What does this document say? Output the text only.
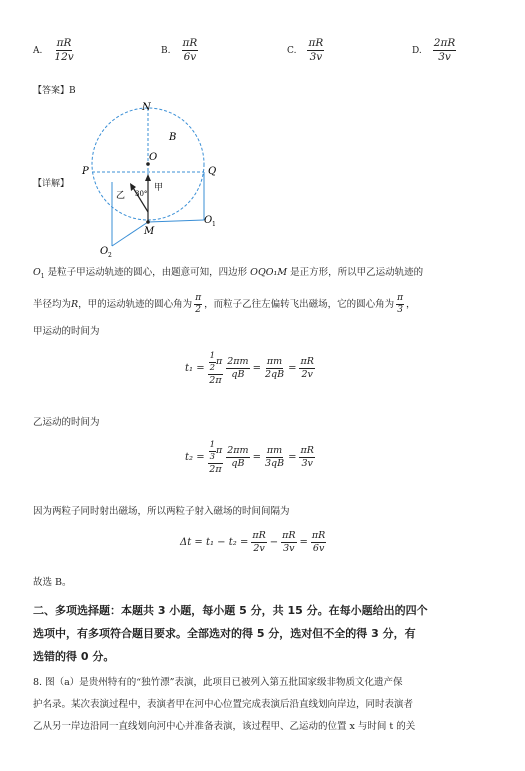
A. $\frac{\pi R}{12v}$	B. $\frac{\pi R}{6v}$	C. $\frac{\pi R}{3v}$	D. $\frac{2\pi R}{3v}$
【答案】B
【详解】
N
B
O
P	Q
甲
乙 30°
O 1
M
O 2
$O_1$ 是粒子甲运动轨迹的圆心，由题意可知，四边形 OQO₁M 是正方形，所以甲乙运动轨迹的
半径均为 R ，甲的运动轨迹的圆心角为 $\frac{\pi}{2}$ ，而粒子乙往左偏转飞出磁场，它的圆心角为 $\frac{\pi}{3}$ ，
甲运动的时间为
$t_1 = \frac{\frac{1}{2} \pi}{2\pi} \frac{2\pi m}{qB} = \frac{\pi m}{2qB} = \frac{\pi R}{2v}$
乙运动的时间为
$t_2 = \frac{\frac{1}{3} \pi}{2\pi} \frac{2\pi m}{qB} = \frac{\pi m}{3qB} = \frac{\pi R}{3v}$
因为两粒子同时射出磁场，所以两粒子射入磁场的时间间隔为
$\Delta t = t_1 - t_2 = \frac{\pi R}{2v} - \frac{\pi R}{3v} = \frac{\pi R}{6v}$
故选 B。
二、多项选择题：本题共 3 小题，每小题 5 分，共 15 分。在每小题给出的四个
选项中，有多项符合题目要求。全部选对的得 5 分，选对但不全的得 3 分，有
选错的得 0 分。
8. 图（a）是贵州特有的“独竹漂”表演，此项目已被列入第五批国家级非物质文化遗产保
护名录。某次表演过程中，表演者甲在河中心位置完成表演后沿直线划向岸边，同时表演者
乙从另一岸边沿同一直线划向河中心并准备表演，该过程甲、乙运动的位置 x 与时间 t 的关
